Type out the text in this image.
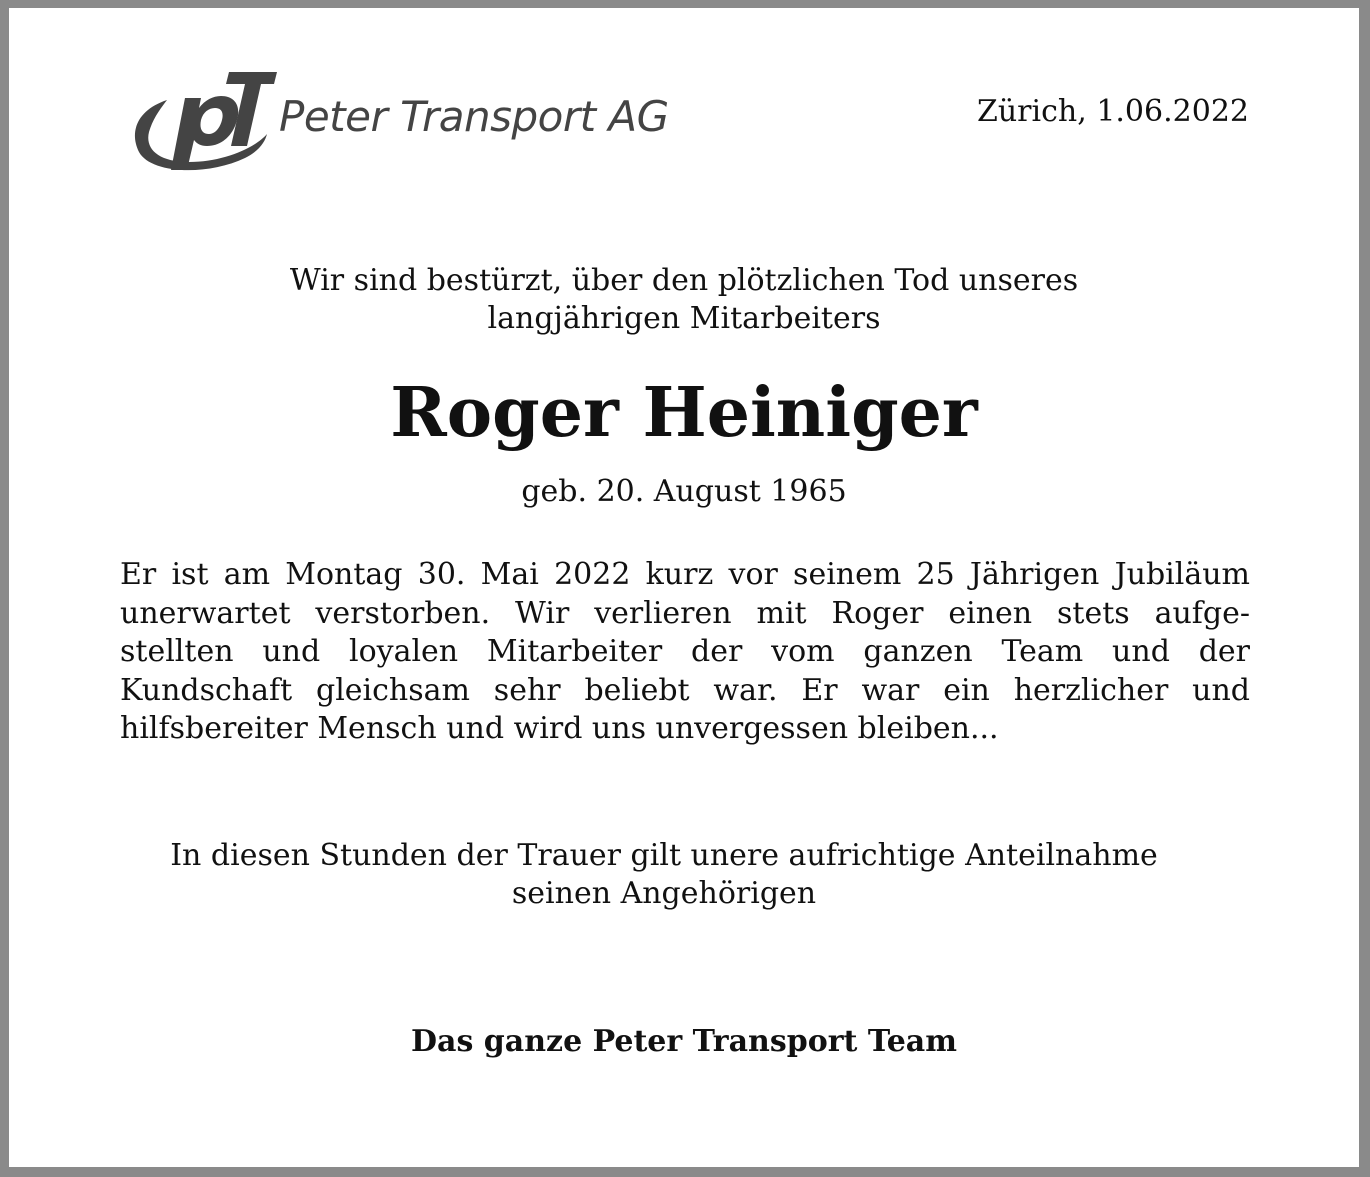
Peter Transport AG	Zürich, 1.06.2022
Wir sind bestürzt, über den plötzlichen Tod unseres
langjährigen Mitarbeiters
Roger Heiniger
geb. 20. August 1965
Er ist am Montag 30. Mai 2022 kurz vor seinem 25 Jährigen Jubiläum
unerwartet verstorben. Wir verlieren mit Roger einen stets aufge-
stellten und loyalen Mitarbeiter der vom ganzen Team und der
Kundschaft gleichsam sehr beliebt war. Er war ein herzlicher und
hilfsbereiter Mensch und wird uns unvergessen bleiben...
In diesen Stunden der Trauer gilt unere aufrichtige Anteilnahme
seinen Angehörigen
Das ganze Peter Transport Team
